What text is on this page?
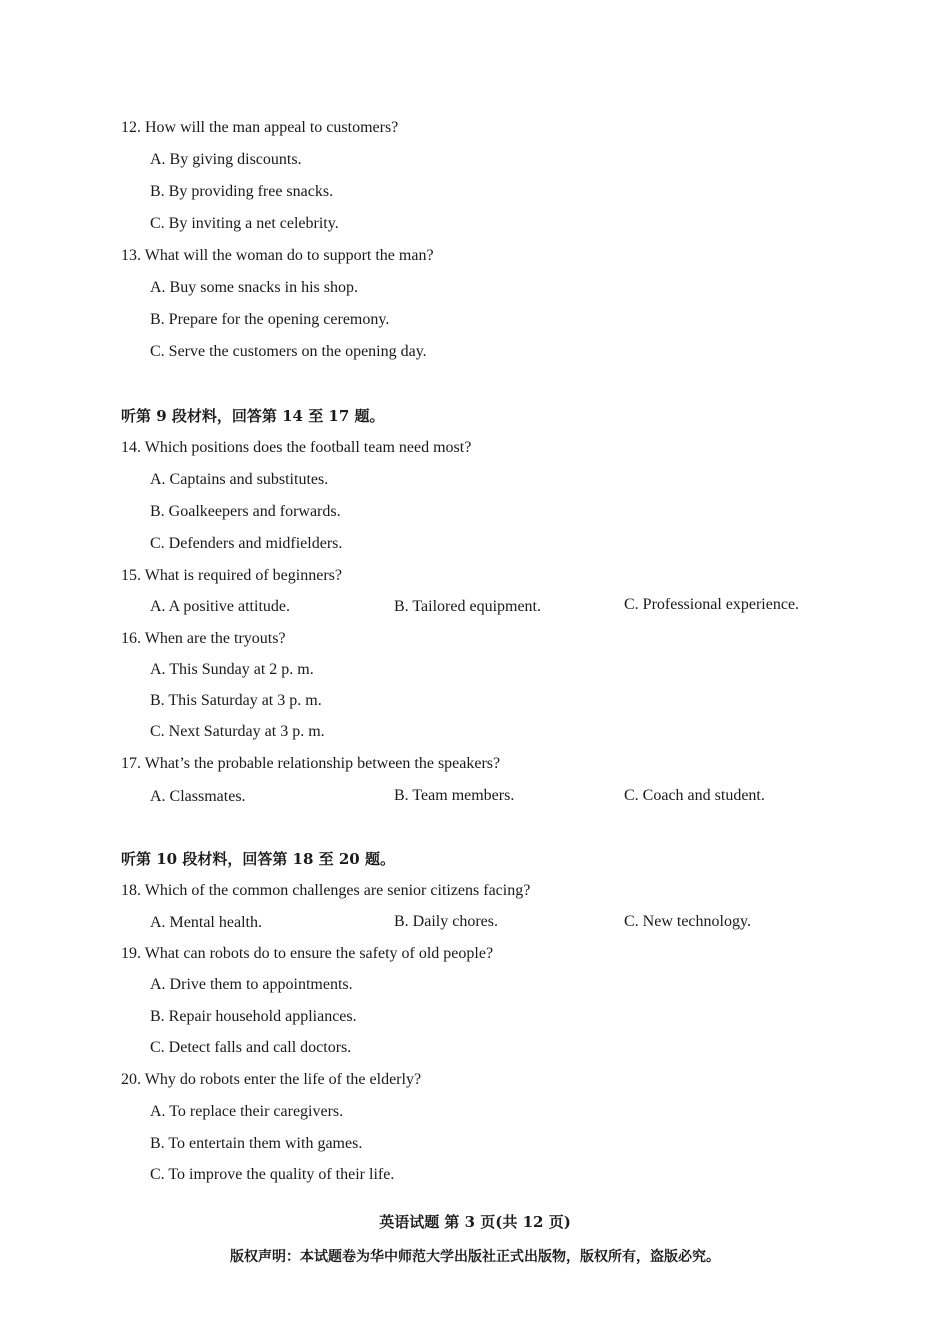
12. How will the man appeal to customers?
A. By giving discounts.
B. By providing free snacks.
C. By inviting a net celebrity.
13. What will the woman do to support the man?
A. Buy some snacks in his shop.
B. Prepare for the opening ceremony.
C. Serve the customers on the opening day.
听第 9 段材料，回答第 14 至 17 题。
14. Which positions does the football team need most?
A. Captains and substitutes.
B. Goalkeepers and forwards.
C. Defenders and midfielders.
15. What is required of beginners?
A. A positive attitude.	B. Tailored equipment.	C. Professional experience.
16. When are the tryouts?
A. This Sunday at 2 p. m.
B. This Saturday at 3 p. m.
C. Next Saturday at 3 p. m.
17. What’s the probable relationship between the speakers?
A. Classmates.	B. Team members.	C. Coach and student.
听第 10 段材料，回答第 18 至 20 题。
18. Which of the common challenges are senior citizens facing?
A. Mental health.	B. Daily chores.	C. New technology.
19. What can robots do to ensure the safety of old people?
A. Drive them to appointments.
B. Repair household appliances.
C. Detect falls and call doctors.
20. Why do robots enter the life of the elderly?
A. To replace their caregivers.
B. To entertain them with games.
C. To improve the quality of their life.
英语试题 第 3 页(共 12 页)
版权声明：本试题卷为华中师范大学出版社正式出版物，版权所有，盗版必究。
